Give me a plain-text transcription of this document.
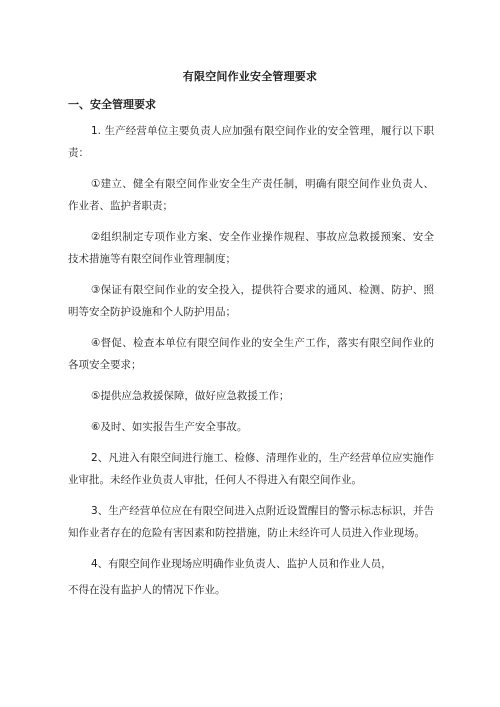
有限空间作业安全管理要求
一、安全管理要求

1. 生产经营单位主要负责人应加强有限空间作业的安全管理，履行以下职责：

①建立、健全有限空间作业安全生产责任制，明确有限空间作业负责人、作业者、监护者职责；

②组织制定专项作业方案、安全作业操作规程、事故应急救援预案、安全技术措施等有限空间作业管理制度；

③保证有限空间作业的安全投入，提供符合要求的通风、检测、防护、照明等安全防护设施和个人防护用品；

④督促、检查本单位有限空间作业的安全生产工作，落实有限空间作业的各项安全要求；

⑤提供应急救援保障，做好应急救援工作；

⑥及时、如实报告生产安全事故。

2、凡进入有限空间进行施工、检修、清理作业的，生产经营单位应实施作业审批。未经作业负责人审批，任何人不得进入有限空间作业。

3、生产经营单位应在有限空间进入点附近设置醒目的警示标志标识，并告知作业者存在的危险有害因素和防控措施，防止未经许可人员进入作业现场。

4、有限空间作业现场应明确作业负责人、监护人员和作业人员，

不得在没有监护人的情况下作业。
